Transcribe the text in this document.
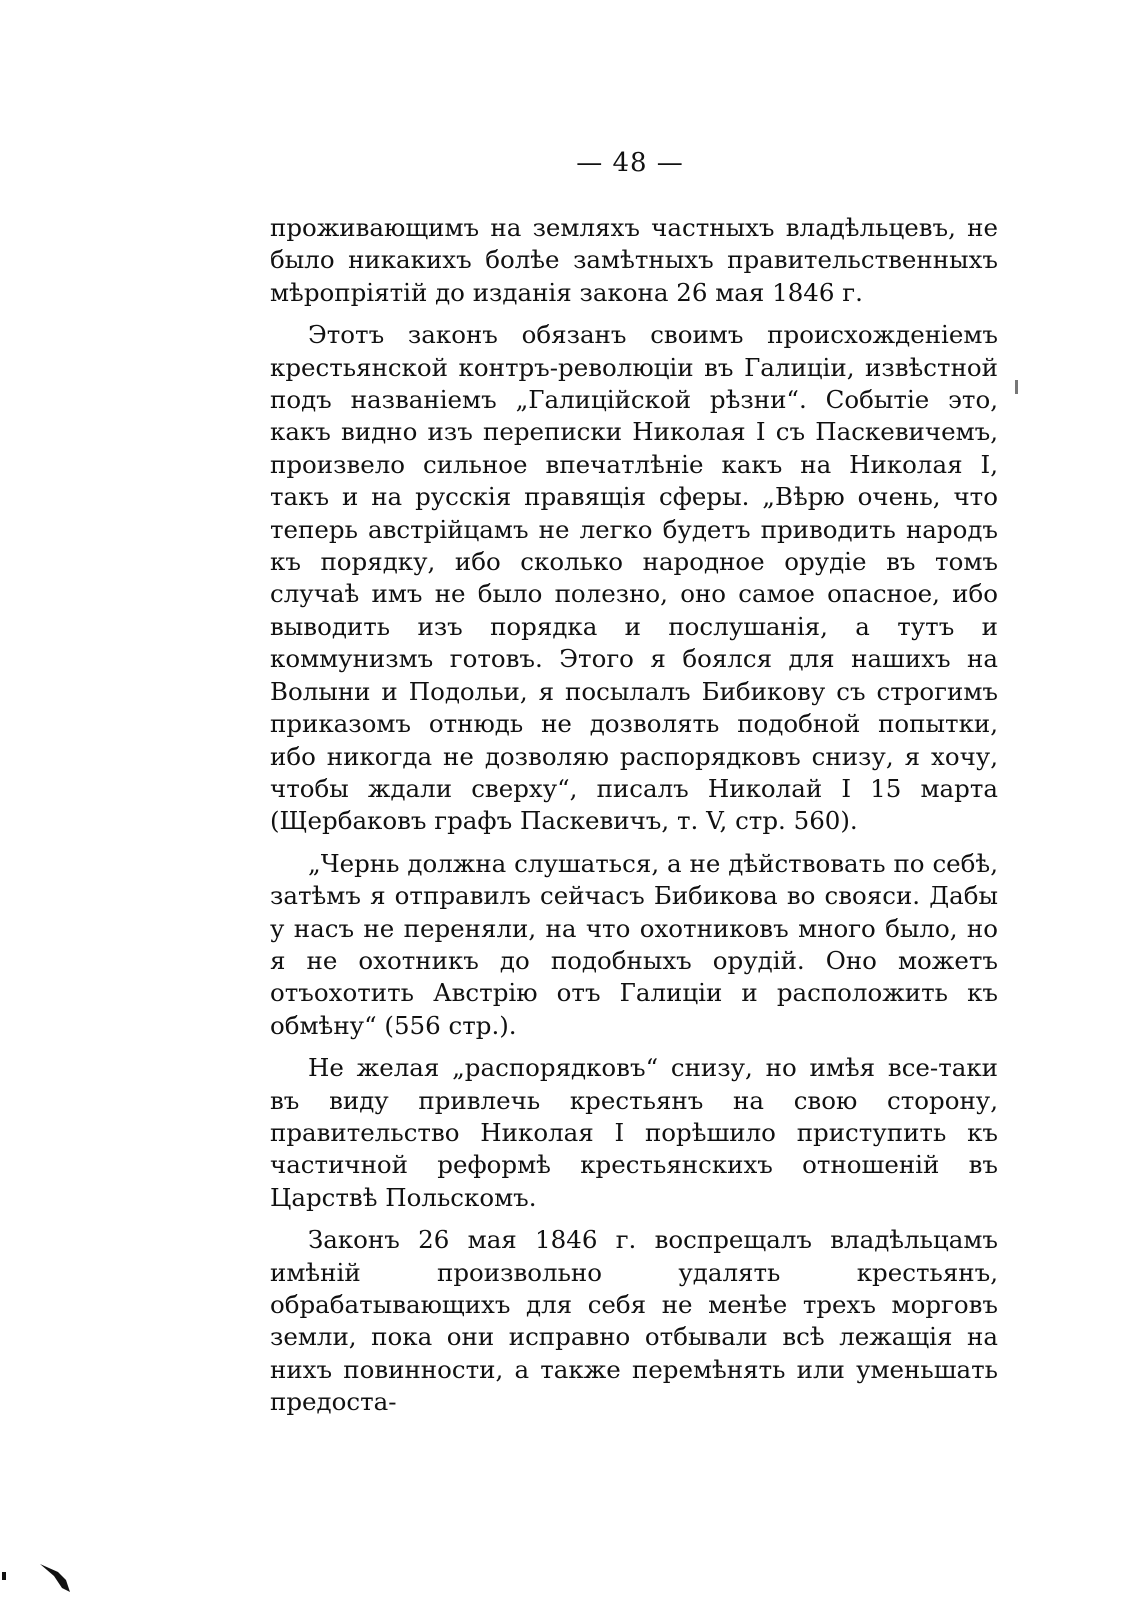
— 48 —

проживающимъ на земляхъ частныхъ владѣльцевъ, не было никакихъ болѣе замѣтныхъ правительственныхъ мѣропріятій до изданія закона 26 мая 1846 г.

Этотъ законъ обязанъ своимъ происхожденіемъ крестьянской контръ-революціи въ Галиціи, извѣстной подъ названіемъ „Галиційской рѣзни“. Событіе это, какъ видно изъ переписки Николая I съ Паскевичемъ, произвело сильное впечатлѣніе какъ на Николая I, такъ и на русскія правящія сферы. „Вѣрю очень, что теперь австрійцамъ не легко будетъ приводить народъ къ порядку, ибо сколько народное орудіе въ томъ случаѣ имъ не было полезно, оно самое опасное, ибо выводить изъ порядка и послушанія, а тутъ и коммунизмъ готовъ. Этого я боялся для нашихъ на Волыни и Подольи, я посылалъ Бибикову съ строгимъ приказомъ отнюдь не дозволять подобной попытки, ибо никогда не дозволяю распорядковъ снизу, я хочу, чтобы ждали сверху“, писалъ Николай I 15 марта (Щербаковъ графъ Паскевичъ, т. V, стр. 560).

„Чернь должна слушаться, а не дѣйствовать по себѣ, затѣмъ я отправилъ сейчасъ Бибикова во свояси. Дабы у насъ не переняли, на что охотниковъ много было, но я не охотникъ до подобныхъ орудій. Оно можетъ отъохотить Австрію отъ Галиціи и расположить къ обмѣну“ (556 стр.).

Не желая „распорядковъ“ снизу, но имѣя все-таки въ виду привлечь крестьянъ на свою сторону, правительство Николая I порѣшило приступить къ частичной реформѣ крестьянскихъ отношеній въ Царствѣ Польскомъ.

Законъ 26 мая 1846 г. воспрещалъ владѣльцамъ имѣній произвольно удалять крестьянъ, обрабатывающихъ для себя не менѣе трехъ морговъ земли, пока они исправно отбывали всѣ лежащія на нихъ повинности, а также перемѣнять или уменьшать предоста-
